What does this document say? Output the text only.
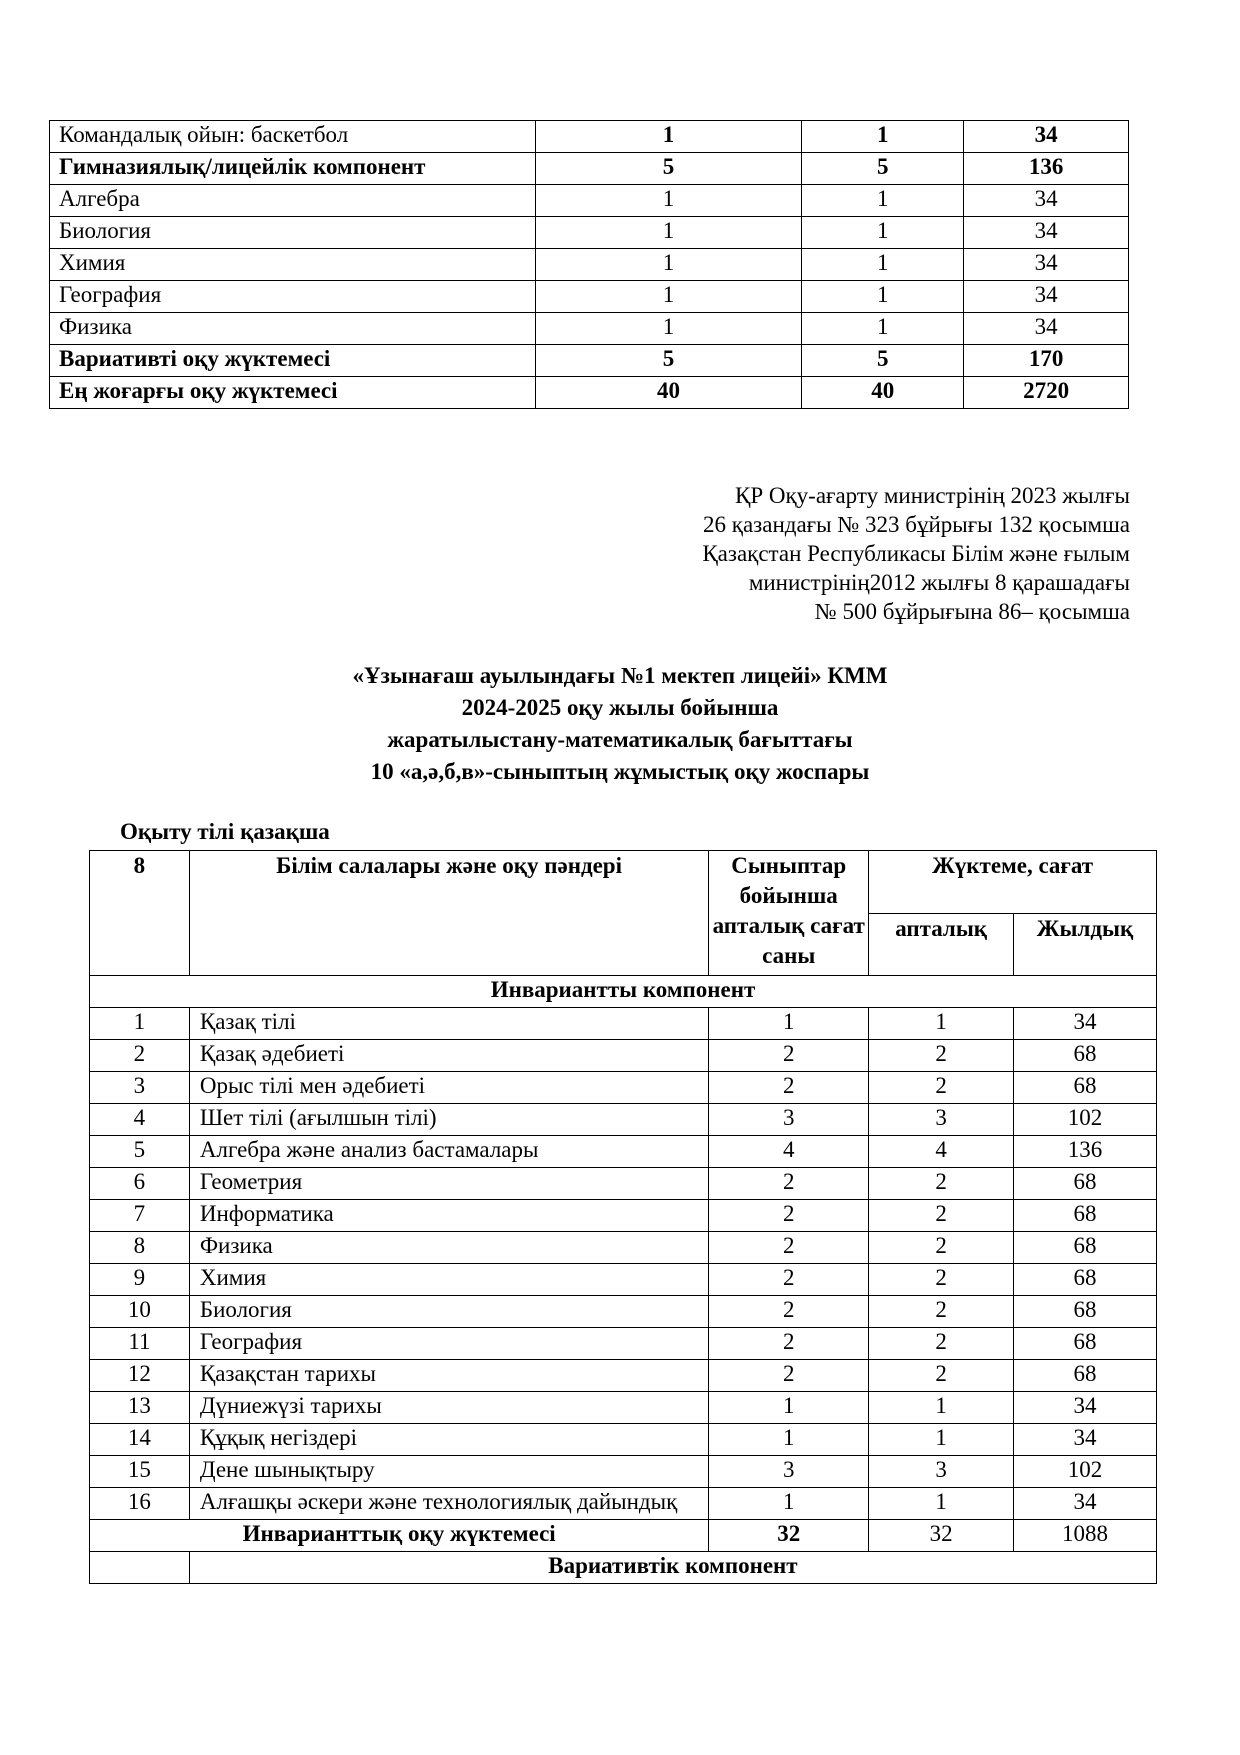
Командалық ойын: баскетбол	1	1	34
Гимназиялық/лицейлік компонент	5	5	136
Алгебра	1	1	34
Биология	1	1	34
Химия	1	1	34
География	1	1	34
Физика	1	1	34
Вариативті оқу жүктемесі	5	5	170
Ең жоғарғы оқу жүктемесі	40	40	2720
ҚР Оқу-ағарту министрінің 2023 жылғы
26 қазандағы № 323 бұйрығы 132 қосымша
Қазақстан Республикасы Білім және ғылым
министрінің2012 жылғы 8 қарашадағы
№ 500 бұйрығына 86– қосымша
«Ұзынағаш ауылындағы №1 мектеп лицейі» КММ
2024-2025 оқу жылы бойынша
жаратылыстану-математикалық бағыттағы
10 «а,ә,б,в»-сыныптың жұмыстық оқу жоспары
Оқыту тілі қазақша
8	Білім салалары және оқу пәндері	Сыныптар бойынша апталық сағат саны	Жүктеме, сағат	
			апталық	Жылдық
Инвариантты компонент				
1	Қазақ тілі	1	1	34
2	Қазақ әдебиеті	2	2	68
3	Орыс тілі мен әдебиеті	2	2	68
4	Шет тілі (ағылшын тілі)	3	3	102
5	Алгебра және анализ бастамалары	4	4	136
6	Геометрия	2	2	68
7	Информатика	2	2	68
8	Физика	2	2	68
9	Химия	2	2	68
10	Биология	2	2	68
11	География	2	2	68
12	Қазақстан тарихы	2	2	68
13	Дүниежүзі тарихы	1	1	34
14	Құқық негіздері	1	1	34
15	Дене шынықтыру	3	3	102
16	Алғашқы әскери және технологиялық дайындық	1	1	34
Инварианттық оқу жүктемесі		32	32	1088
	Вариативтік компонент			
